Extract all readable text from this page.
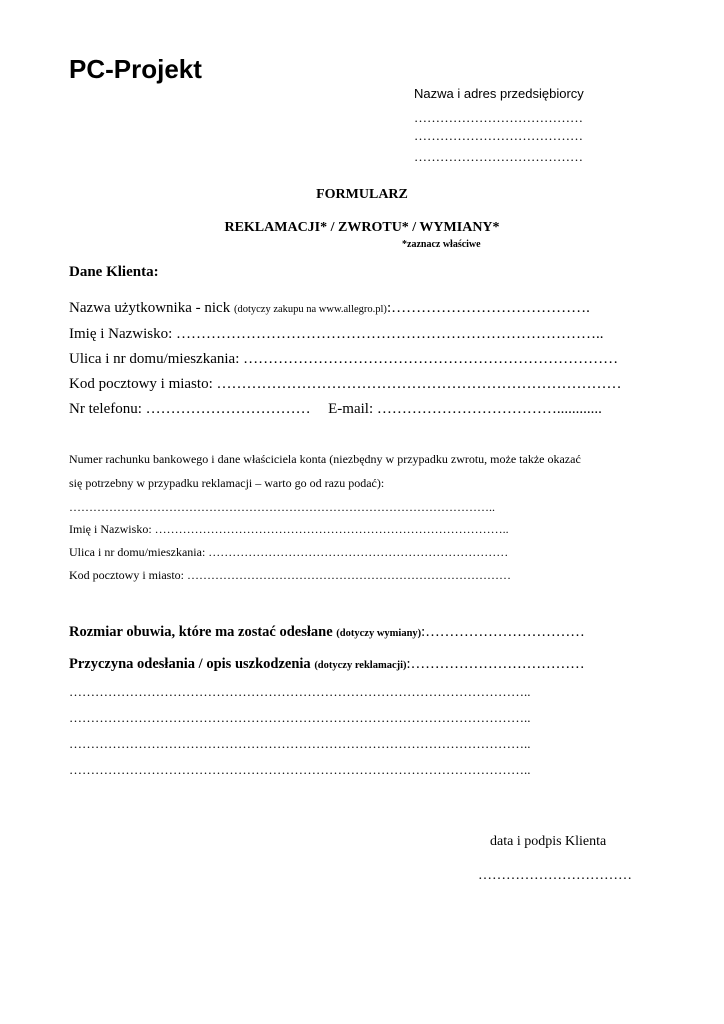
PC-Projekt
Nazwa i adres przedsiębiorcy
…………………………………
…………………………………
…………………………………
FORMULARZ
REKLAMACJI* / ZWROTU* / WYMIANY*
*zaznacz właściwe
Dane Klienta:
Nazwa użytkownika - nick (dotyczy zakupu na www.allegro.pl):………………………………….
Imię i Nazwisko: …………………………………………………………………………..
Ulica i nr domu/mieszkania: …………………………………………………………………
Kod pocztowy i miasto: ………………………………………………………………………
Nr telefonu: …………………………… E-mail: ………………………………............
Numer rachunku bankowego i dane właściciela konta (niezbędny w przypadku zwrotu, może także okazać
się potrzebny w przypadku reklamacji – warto go od razu podać):
……………………………………………………………………………………………..
Imię i Nazwisko: ……………………………………………………………………………..
Ulica i nr domu/mieszkania: …………………………………………………………………
Kod pocztowy i miasto: ………………………………………………………………………
Rozmiar obuwia, które ma zostać odesłane (dotyczy wymiany):……………………………
Przyczyna odesłania / opis uszkodzenia (dotyczy reklamacji):………………………………
……………………………………………………………………………………………..
……………………………………………………………………………………………..
……………………………………………………………………………………………..
……………………………………………………………………………………………..
data i podpis Klienta
……………………………
